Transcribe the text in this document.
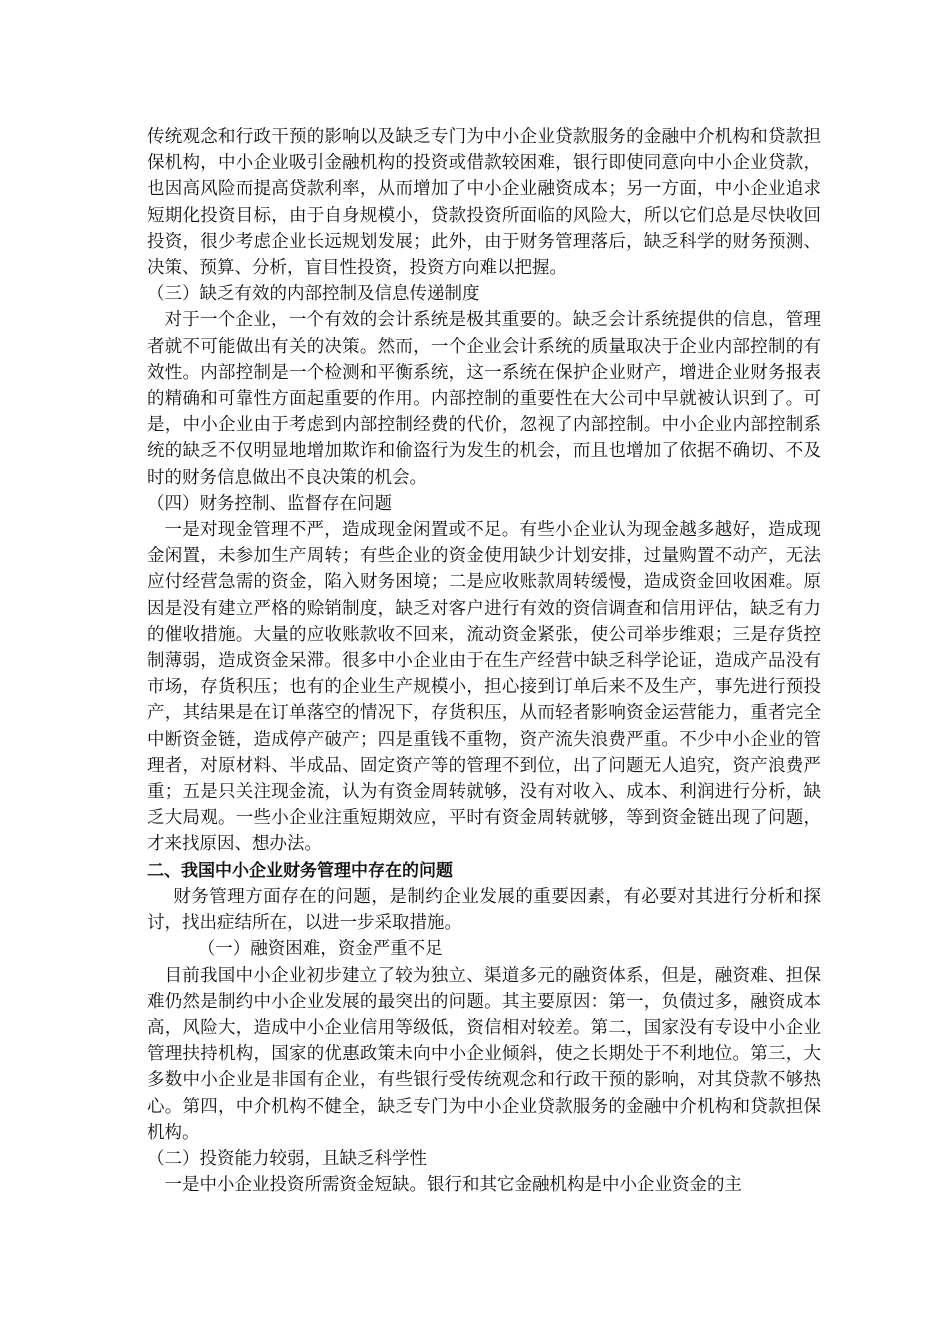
传统观念和行政干预的影响以及缺乏专门为中小企业贷款服务的金融中介机构和贷款担保机构，中小企业吸引金融机构的投资或借款较困难，银行即使同意向中小企业贷款，也因高风险而提高贷款利率，从而增加了中小企业融资成本；另一方面，中小企业追求短期化投资目标，由于自身规模小，贷款投资所面临的风险大，所以它们总是尽快收回投资，很少考虑企业长远规划发展；此外，由于财务管理落后，缺乏科学的财务预测、决策、预算、分析，盲目性投资，投资方向难以把握。

（三）缺乏有效的内部控制及信息传递制度

对于一个企业，一个有效的会计系统是极其重要的。缺乏会计系统提供的信息，管理者就不可能做出有关的决策。然而，一个企业会计系统的质量取决于企业内部控制的有效性。内部控制是一个检测和平衡系统，这一系统在保护企业财产，增进企业财务报表的精确和可靠性方面起重要的作用。内部控制的重要性在大公司中早就被认识到了。可是，中小企业由于考虑到内部控制经费的代价，忽视了内部控制。中小企业内部控制系统的缺乏不仅明显地增加欺诈和偷盗行为发生的机会，而且也增加了依据不确切、不及时的财务信息做出不良决策的机会。

（四）财务控制、监督存在问题

一是对现金管理不严，造成现金闲置或不足。有些小企业认为现金越多越好，造成现金闲置，未参加生产周转；有些企业的资金使用缺少计划安排，过量购置不动产，无法应付经营急需的资金，陷入财务困境；二是应收账款周转缓慢，造成资金回收困难。原因是没有建立严格的赊销制度，缺乏对客户进行有效的资信调查和信用评估，缺乏有力的催收措施。大量的应收账款收不回来，流动资金紧张，使公司举步维艰；三是存货控制薄弱，造成资金呆滞。很多中小企业由于在生产经营中缺乏科学论证，造成产品没有市场，存货积压；也有的企业生产规模小，担心接到订单后来不及生产，事先进行预投产，其结果是在订单落空的情况下，存货积压，从而轻者影响资金运营能力，重者完全中断资金链，造成停产破产；四是重钱不重物，资产流失浪费严重。不少中小企业的管理者，对原材料、半成品、固定资产等的管理不到位，出了问题无人追究，资产浪费严重；五是只关注现金流，认为有资金周转就够，没有对收入、成本、利润进行分析，缺乏大局观。一些小企业注重短期效应，平时有资金周转就够，等到资金链出现了问题，才来找原因、想办法。

二、我国中小企业财务管理中存在的问题

财务管理方面存在的问题，是制约企业发展的重要因素，有必要对其进行分析和探讨，找出症结所在，以进一步采取措施。

（一）融资困难，资金严重不足

目前我国中小企业初步建立了较为独立、渠道多元的融资体系，但是，融资难、担保难仍然是制约中小企业发展的最突出的问题。其主要原因：第一，负债过多，融资成本高，风险大，造成中小企业信用等级低，资信相对较差。第二，国家没有专设中小企业管理扶持机构，国家的优惠政策未向中小企业倾斜，使之长期处于不利地位。第三，大多数中小企业是非国有企业，有些银行受传统观念和行政干预的影响，对其贷款不够热心。第四，中介机构不健全，缺乏专门为中小企业贷款服务的金融中介机构和贷款担保机构。

（二）投资能力较弱，且缺乏科学性

一是中小企业投资所需资金短缺。银行和其它金融机构是中小企业资金的主
